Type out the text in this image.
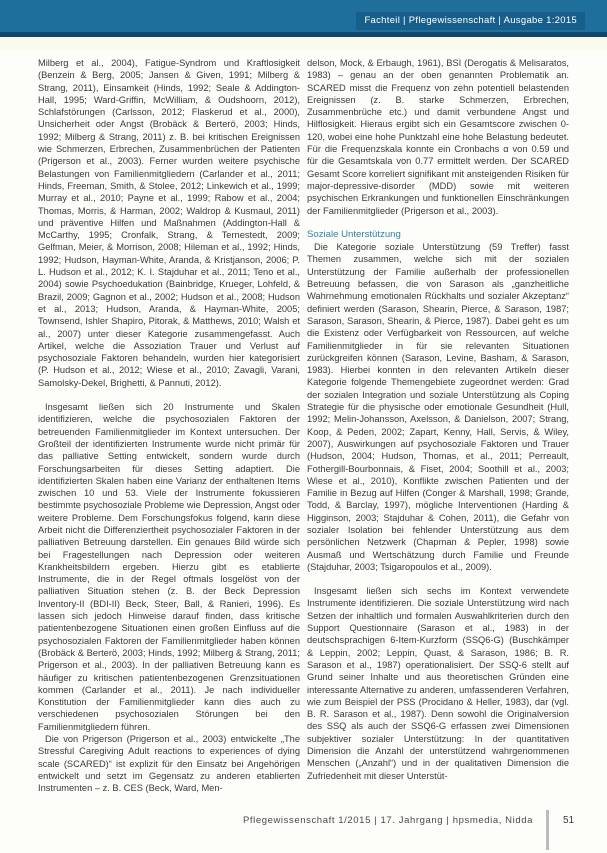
Fachteil | Pflegewissenschaft | Ausgabe 1:2015

Milberg et al., 2004), Fatigue-Syndrom und Kraftlosigkeit (Benzein & Berg, 2005; Jansen & Given, 1991; Milberg & Strang, 2011), Einsamkeit (Hinds, 1992; Seale & Addington-Hall, 1995; Ward-Griffin, McWilliam, & Oudshoorn, 2012), Schlafstörungen (Carlsson, 2012; Flaskerud et al., 2000), Unsicherheit oder Angst (Brobäck & Berterö, 2003; Hinds, 1992; Milberg & Strang, 2011) z. B. bei kritischen Ereignissen wie Schmerzen, Erbrechen, Zusammenbrüchen der Patienten (Prigerson et al., 2003). Ferner wurden weitere psychische Belastungen von Familienmitgliedern (Carlander et al., 2011; Hinds, Freeman, Smith, & Stolee, 2012; Linkewich et al., 1999; Murray et al., 2010; Payne et al., 1999; Rabow et al., 2004; Thomas, Morris, & Harman, 2002; Waldrop & Kusmaul, 2011) und präventive Hilfen und Maßnahmen (Addington-Hall & McCarthy, 1995; Cronfalk, Strang, & Ternestedt, 2009; Gelfman, Meier, & Morrison, 2008; Hileman et al., 1992; Hinds, 1992; Hudson, Hayman-White, Aranda, & Kristjanson, 2006; P. L. Hudson et al., 2012; K. I. Stajduhar et al., 2011; Teno et al., 2004) sowie Psychoedukation (Bainbridge, Krueger, Lohfeld, & Brazil, 2009; Gagnon et al., 2002; Hudson et al., 2008; Hudson et al., 2013; Hudson, Aranda, & Hayman-White, 2005; Townsend, Ishler Shapiro, Pitorak, & Matthews, 2010; Walsh et al., 2007) unter dieser Kategorie zusammengefasst. Auch Artikel, welche die Assoziation Trauer und Verlust auf psychosoziale Faktoren behandeln, wurden hier kategorisiert (P. Hudson et al., 2012; Wiese et al., 2010; Zavagli, Varani, Samolsky-Dekel, Brighetti, & Pannuti, 2012).

Insgesamt ließen sich 20 Instrumente und Skalen identifizieren, welche die psychosozialen Faktoren der betreuenden Familienmitglieder im Kontext untersuchen. Der Großteil der identifizierten Instrumente wurde nicht primär für das palliative Setting entwickelt, sondern wurde durch Forschungsarbeiten für dieses Setting adaptiert. Die identifizierten Skalen haben eine Varianz der enthaltenen Items zwischen 10 und 53. Viele der Instrumente fokussieren bestimmte psychosoziale Probleme wie Depression, Angst oder weitere Probleme. Dem Forschungsfokus folgend, kann diese Arbeit nicht die Differenziertheit psychosozialer Faktoren in der palliativen Betreuung darstellen. Ein genaues Bild würde sich bei Fragestellungen nach Depression oder weiteren Krankheitsbildern ergeben. Hierzu gibt es etablierte Instrumente, die in der Regel oftmals losgelöst von der palliativen Situation stehen (z. B. der Beck Depression Inventory-II (BDI-II) Beck, Steer, Ball, & Ranieri, 1996). Es lassen sich jedoch Hinweise darauf finden, dass kritische patientenbezogene Situationen einen großen Einfluss auf die psychosozialen Faktoren der Familienmitglieder haben können (Brobäck & Berterö, 2003; Hinds, 1992; Milberg & Strang, 2011; Prigerson et al., 2003). In der palliativen Betreuung kann es häufiger zu kritischen patientenbezogenen Grenzsituationen kommen (Carlander et al., 2011). Je nach individueller Konstitution der Familienmitglieder kann dies auch zu verschiedenen psychosozialen Störungen bei den Familienmitgliedern führen.

Die von Prigerson (Prigerson et al., 2003) entwickelte „The Stressful Caregiving Adult reactions to experiences of dying scale (SCARED)“ ist explizit für den Einsatz bei Angehörigen entwickelt und setzt im Gegensatz zu anderen etablierten Instrumenten – z. B. CES (Beck, Ward, Men-

delson, Mock, & Erbaugh, 1961), BSI (Derogatis & Melisaratos, 1983) – genau an der oben genannten Problematik an. SCARED misst die Frequenz von zehn potentiell belastenden Ereignissen (z. B. starke Schmerzen, Erbrechen, Zusammenbrüche etc.) und damit verbundene Angst und Hilflosigkeit. Hieraus ergibt sich ein Gesamtscore zwischen 0-120, wobei eine hohe Punktzahl eine hohe Belastung bedeutet. Für die Frequenzskala konnte ein Cronbachs α von 0.59 und für die Gesamtskala von 0.77 ermittelt werden. Der SCARED Gesamt Score korreliert signifikant mit ansteigenden Risiken für major-depressive-disorder (MDD) sowie mit weiteren psychischen Erkrankungen und funktionellen Einschränkungen der Familienmitglieder (Prigerson et al., 2003).

Soziale Unterstützung

Die Kategorie soziale Unterstützung (59 Treffer) fasst Themen zusammen, welche sich mit der sozialen Unterstützung der Familie außerhalb der professionellen Betreuung befassen, die von Sarason als „ganzheitliche Wahrnehmung emotionalen Rückhalts und sozialer Akzeptanz“ definiert werden (Sarason, Shearin, Pierce, & Sarason, 1987; Sarason, Sarason, Shearin, & Pierce, 1987). Dabei geht es um die Existenz oder Verfügbarkeit von Ressourcen, auf welche Familienmitglieder in für sie relevanten Situationen zurückgreifen können (Sarason, Levine, Basham, & Sarason, 1983). Hierbei konnten in den relevanten Artikeln dieser Kategorie folgende Themengebiete zugeordnet werden: Grad der sozialen Integration und soziale Unterstützung als Coping Strategie für die physische oder emotionale Gesundheit (Hull, 1992; Melin-Johansson, Axelsson, & Danielson, 2007; Strang, Koop, & Peden, 2002; Zapart, Kenny, Hall, Servis, & Wiley, 2007), Auswirkungen auf psychosoziale Faktoren und Trauer (Hudson, 2004; Hudson, Thomas, et al., 2011; Perreault, Fothergill-Bourbonnais, & Fiset, 2004; Soothill et al., 2003; Wiese et al., 2010), Konflikte zwischen Patienten und der Familie in Bezug auf Hilfen (Conger & Marshall, 1998; Grande, Todd, & Barclay, 1997), mögliche Interventionen (Harding & Higginson, 2003; Stajduhar & Cohen, 2011), die Gefahr von sozialer Isolation bei fehlender Unterstützung aus dem persönlichen Netzwerk (Chapman & Pepler, 1998) sowie Ausmaß und Wertschätzung durch Familie und Freunde (Stajduhar, 2003; Tsigaropoulos et al., 2009).

Insgesamt ließen sich sechs im Kontext verwendete Instrumente identifizieren. Die soziale Unterstützung wird nach Setzen der inhaltlich und formalen Auswahlkriterien durch den Support Questionnaire (Sarason et al., 1983) in der deutschsprachigen 6-Item-Kurzform (SSQ6-G) (Buschkämper & Leppin, 2002; Leppin, Quast, & Sarason, 1986; B. R. Sarason et al., 1987) operationalisiert. Der SSQ-6 stellt auf Grund seiner Inhalte und aus theoretischen Gründen eine interessante Alternative zu anderen, umfassenderen Verfahren, wie zum Beispiel der PSS (Procidano & Heller, 1983), dar (vgl. B. R. Sarason et al., 1987). Denn sowohl die Originalversion des SSQ als auch der SSQ6-G erfassen zwei Dimensionen subjektiver sozialer Unterstützung: In der quantitativen Dimension die Anzahl der unterstützend wahrgenommenen Menschen („Anzahl“) und in der qualitativen Dimension die Zufriedenheit mit dieser Unterstüt-

Pflegewissenschaft 1/2015 | 17. Jahrgang | hpsmedia, Nidda	51
